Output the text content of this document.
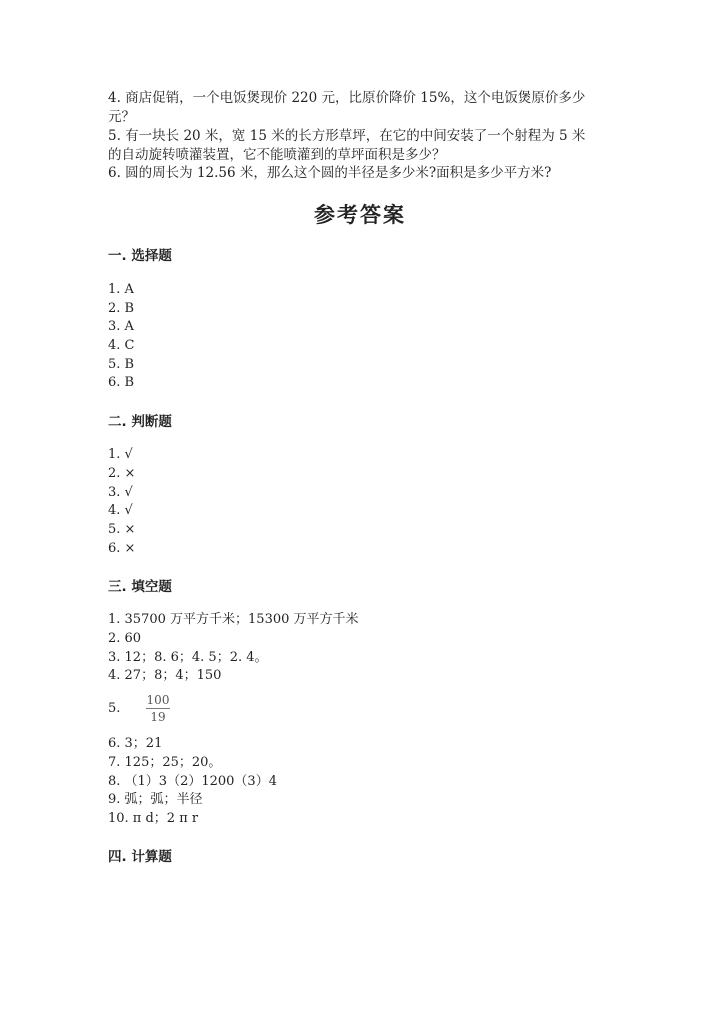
4. 商店促销，一个电饭煲现价 220 元，比原价降价 15%，这个电饭煲原价多少
元？
5. 有一块长 20 米，宽 15 米的长方形草坪，在它的中间安装了一个射程为 5 米
的自动旋转喷灌装置，它不能喷灌到的草坪面积是多少？
6. 圆的周长为 12.56 米，那么这个圆的半径是多少米?面积是多少平方米?
参考答案
一. 选择题
1. A
2. B
3. A
4. C
5. B
6. B
二. 判断题
1. √
2. ×
3. √
4. √
5. ×
6. ×
三. 填空题
1. 35700 万平方千米；15300 万平方千米
2. 60
3. 12；8. 6；4. 5；2. 4。
4. 27；8；4；150
5.
100
19
6. 3；21
7. 125；25；20。
8. （1）3（2）1200（3）4
9. 弧；弧；半径
10. π d；2 π r
四. 计算题
